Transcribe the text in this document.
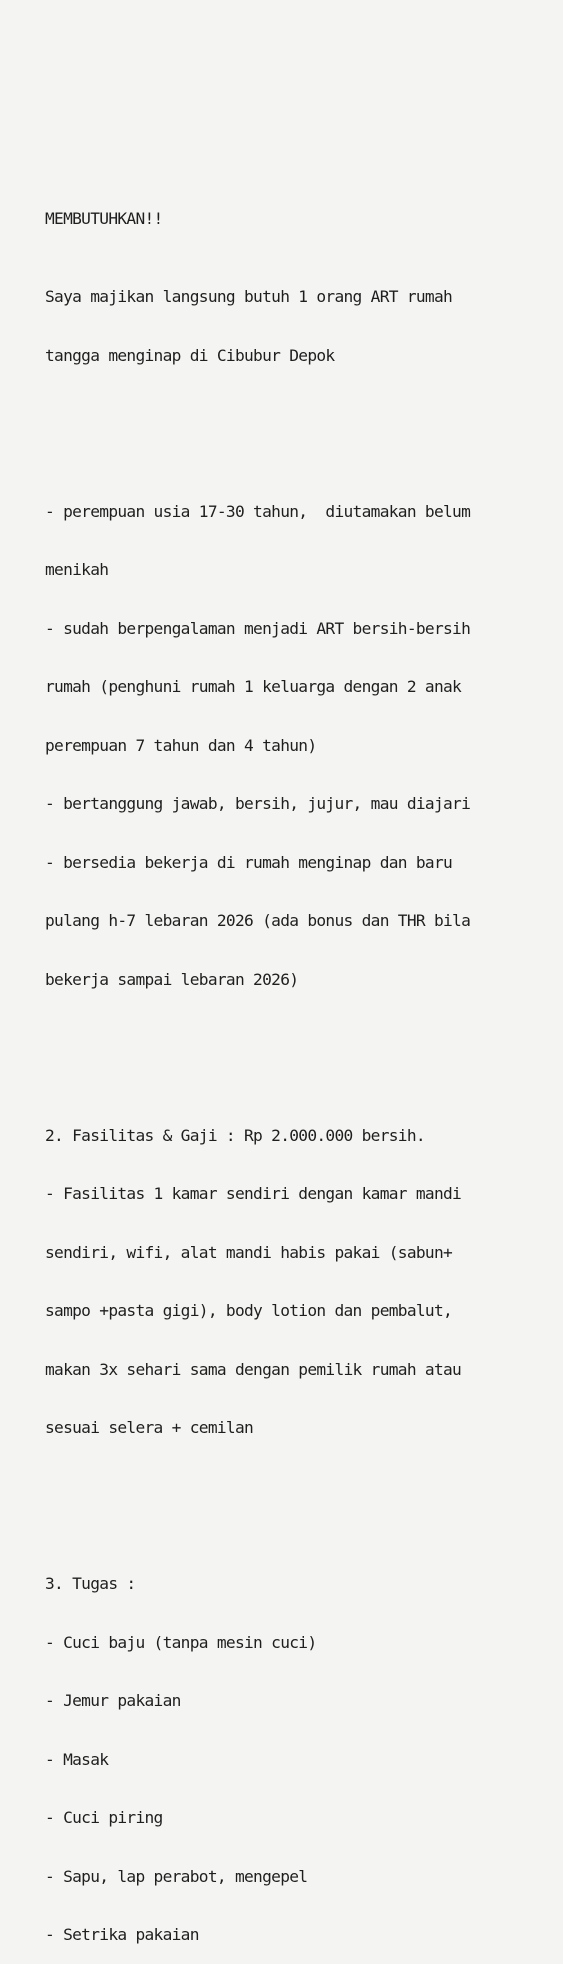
MEMBUTUHKAN!!

Saya majikan langsung butuh 1 orang ART rumah

tangga menginap di Cibubur Depok

- perempuan usia 17-30 tahun,  diutamakan belum

menikah

- sudah berpengalaman menjadi ART bersih-bersih

rumah (penghuni rumah 1 keluarga dengan 2 anak

perempuan 7 tahun dan 4 tahun)

- bertanggung jawab, bersih, jujur, mau diajari

- bersedia bekerja di rumah menginap dan baru

pulang h-7 lebaran 2026 (ada bonus dan THR bila

bekerja sampai lebaran 2026)

2. Fasilitas & Gaji : Rp 2.000.000 bersih.

- Fasilitas 1 kamar sendiri dengan kamar mandi

sendiri, wifi, alat mandi habis pakai (sabun+

sampo +pasta gigi), body lotion dan pembalut,

makan 3x sehari sama dengan pemilik rumah atau

sesuai selera + cemilan

3. Tugas :

- Cuci baju (tanpa mesin cuci)

- Jemur pakaian

- Masak

- Cuci piring

- Sapu, lap perabot, mengepel

- Setrika pakaian
